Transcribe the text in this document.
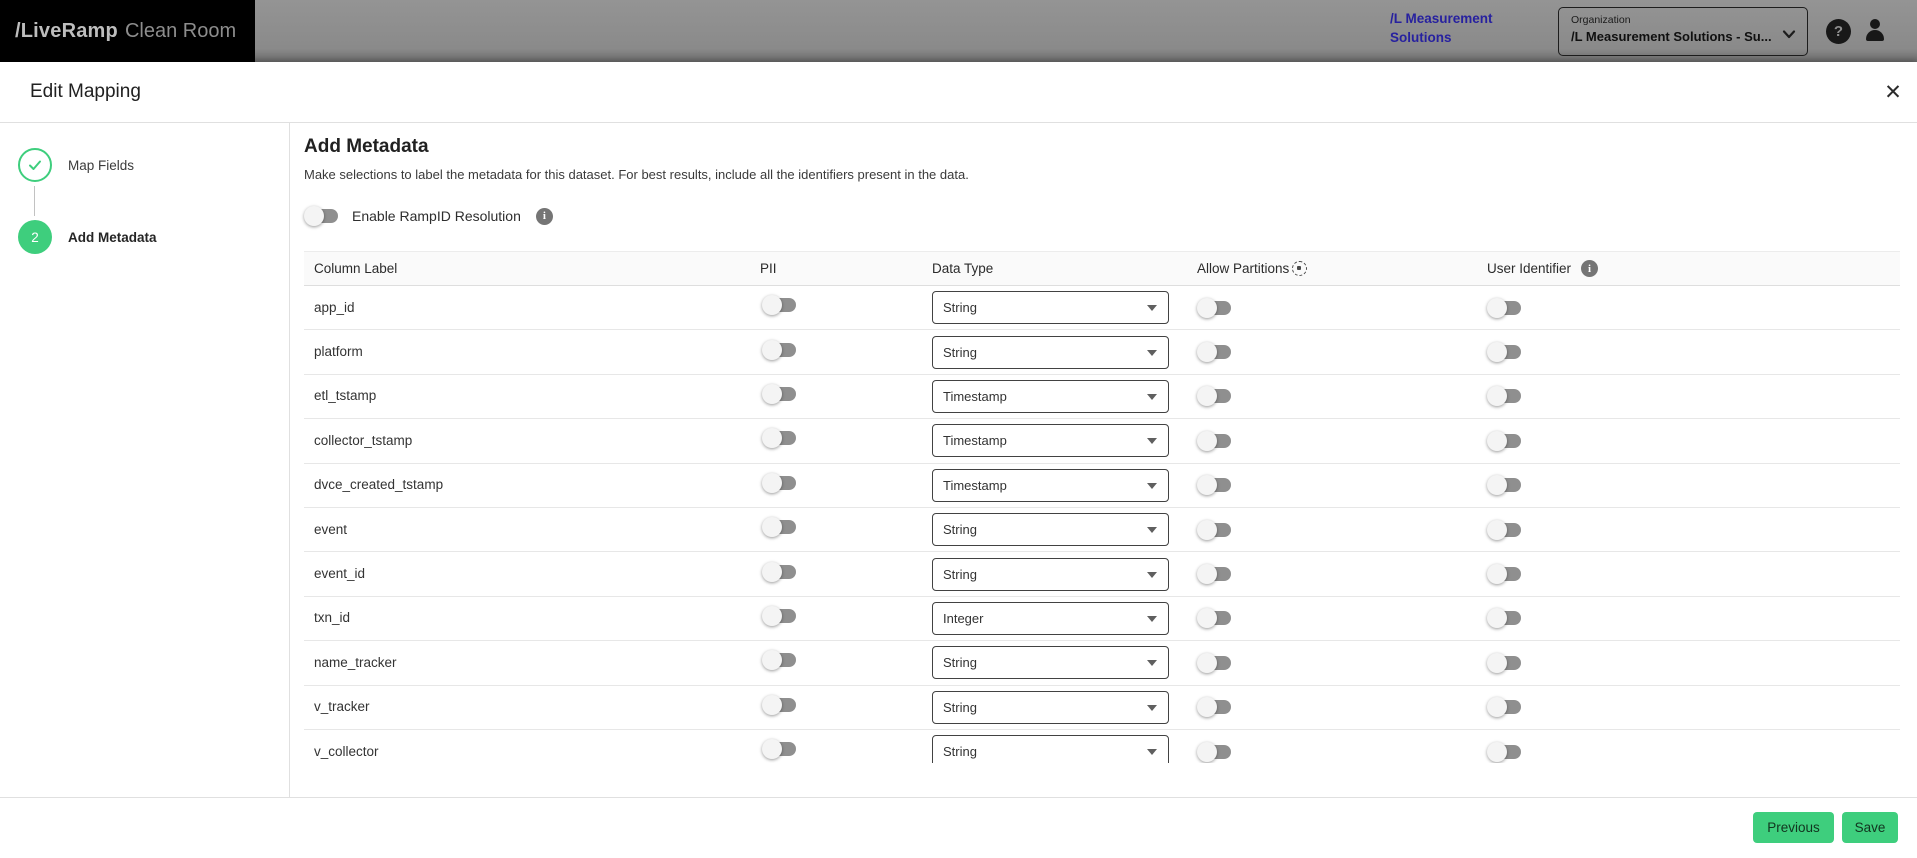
/LiveRamp Clean Room
/L Measurement Solutions
Organization
/L Measurement Solutions - Su...	?
Edit Mapping	✕
Map Fields
2	Add Metadata
Add Metadata
Make selections to label the metadata for this dataset. For best results, include all the identifiers present in the data.
Enable RampID Resolution	i
Column Label	PII	Data Type	Allow Partitions	User Identifier	i
app_id	String
platform	String
etl_tstamp	Timestamp
collector_tstamp	Timestamp
dvce_created_tstamp	Timestamp
event	String
event_id	String
txn_id	Integer
name_tracker	String
v_tracker	String
v_collector	String
Previous	Save
